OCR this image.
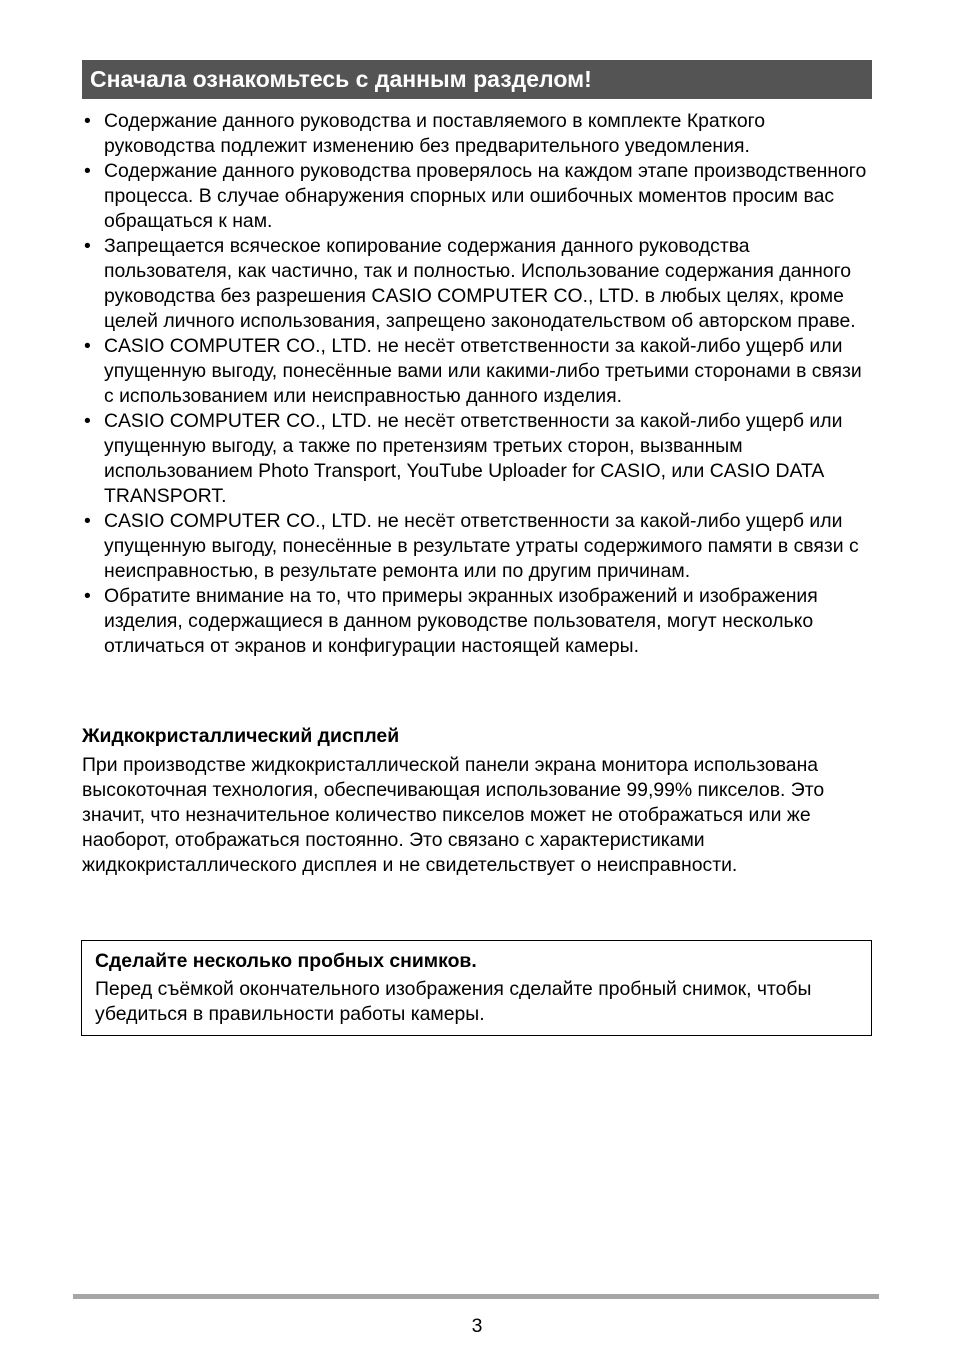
Сначала ознакомьтесь с данным разделом!
• Содержание данного руководства и поставляемого в комплекте Краткого руководства подлежит изменению без предварительного уведомления.
• Содержание данного руководства проверялось на каждом этапе производственного процесса. В случае обнаружения спорных или ошибочных моментов просим вас обращаться к нам.
• Запрещается всяческое копирование содержания данного руководства пользователя, как частично, так и полностью. Использование содержания данного руководства без разрешения CASIO COMPUTER CO., LTD. в любых целях, кроме целей личного использования, запрещено законодательством об авторском праве.
• CASIO COMPUTER CO., LTD. не несёт ответственности за какой-либо ущерб или упущенную выгоду, понесённые вами или какими-либо третьими сторонами в связи с использованием или неисправностью данного изделия.
• CASIO COMPUTER CO., LTD. не несёт ответственности за какой-либо ущерб или упущенную выгоду, а также по претензиям третьих сторон, вызванным использованием Photo Transport, YouTube Uploader for CASIO, или CASIO DATA TRANSPORT.
• CASIO COMPUTER CO., LTD. не несёт ответственности за какой-либо ущерб или упущенную выгоду, понесённые в результате утраты содержимого памяти в связи с неисправностью, в результате ремонта или по другим причинам.
• Обратите внимание на то, что примеры экранных изображений и изображения изделия, содержащиеся в данном руководстве пользователя, могут несколько отличаться от экранов и конфигурации настоящей камеры.
Жидкокристаллический дисплей

При производстве жидкокристаллической панели экрана монитора использована высокоточная технология, обеспечивающая использование 99,99% пикселов. Это значит, что незначительное количество пикселов может не отображаться или же наоборот, отображаться постоянно. Это связано с характеристиками жидкокристаллического дисплея и не свидетельствует о неисправности.

Сделайте несколько пробных снимков.

Перед съёмкой окончательного изображения сделайте пробный снимок, чтобы убедиться в правильности работы камеры.

3
